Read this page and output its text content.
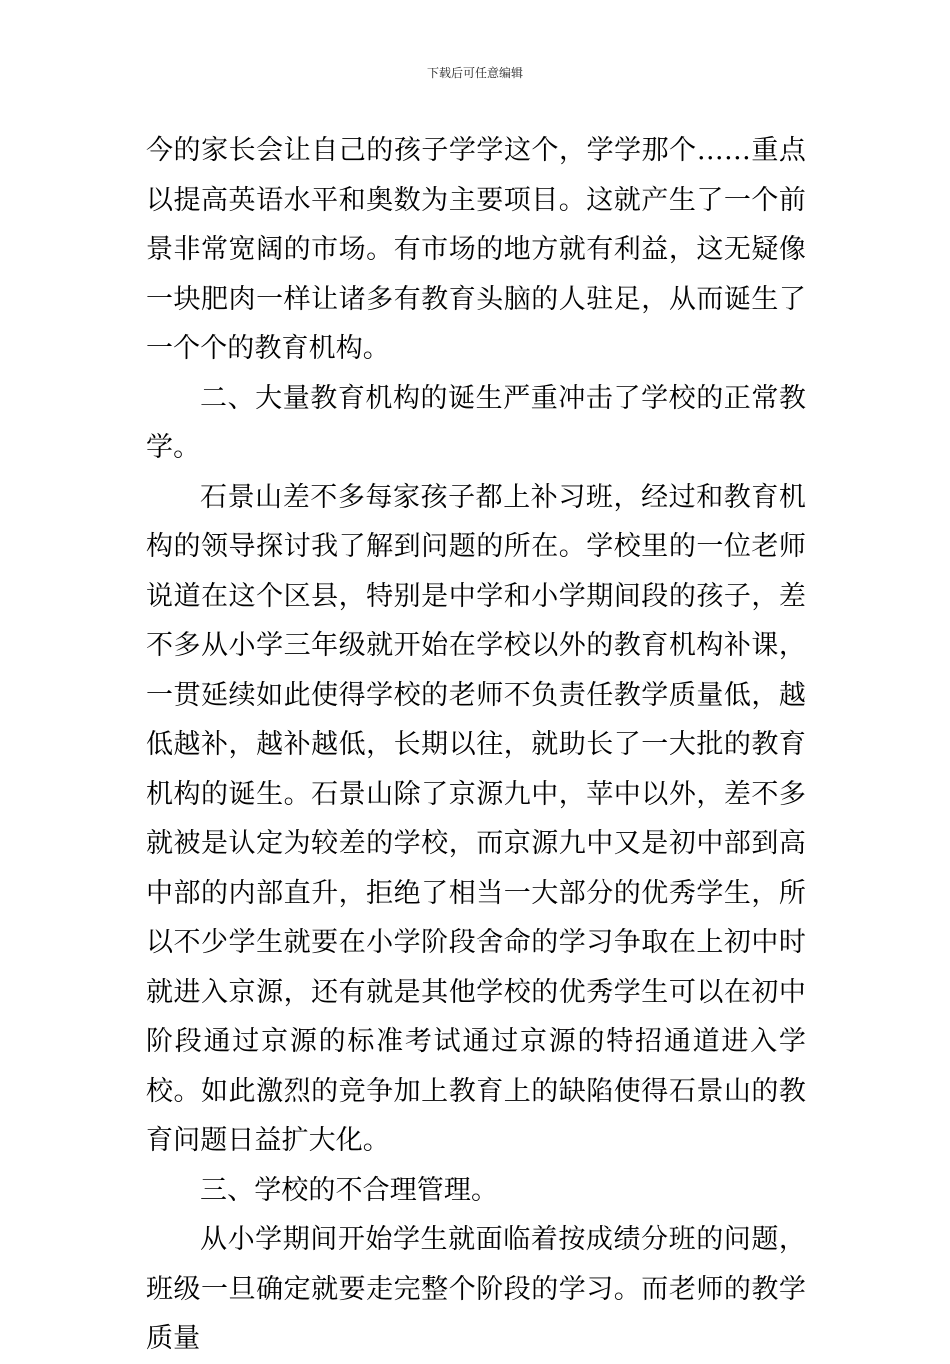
下载后可任意编辑

今的家长会让自己的孩子学学这个，学学那个……重点以提高英语水平和奥数为主要项目。这就产生了一个前景非常宽阔的市场。有市场的地方就有利益，这无疑像一块肥肉一样让诸多有教育头脑的人驻足，从而诞生了一个个的教育机构。

二、大量教育机构的诞生严重冲击了学校的正常教学。

石景山差不多每家孩子都上补习班，经过和教育机构的领导探讨我了解到问题的所在。学校里的一位老师说道在这个区县，特别是中学和小学期间段的孩子，差不多从小学三年级就开始在学校以外的教育机构补课，一贯延续如此使得学校的老师不负责任教学质量低，越低越补，越补越低，长期以往，就助长了一大批的教育机构的诞生。石景山除了京源九中，苹中以外，差不多就被是认定为较差的学校，而京源九中又是初中部到高中部的内部直升，拒绝了相当一大部分的优秀学生，所以不少学生就要在小学阶段舍命的学习争取在上初中时就进入京源，还有就是其他学校的优秀学生可以在初中阶段通过京源的标准考试通过京源的特招通道进入学校。如此激烈的竞争加上教育上的缺陷使得石景山的教育问题日益扩大化。

三、学校的不合理管理。

从小学期间开始学生就面临着按成绩分班的问题，班级一旦确定就要走完整个阶段的学习。而老师的教学质量
